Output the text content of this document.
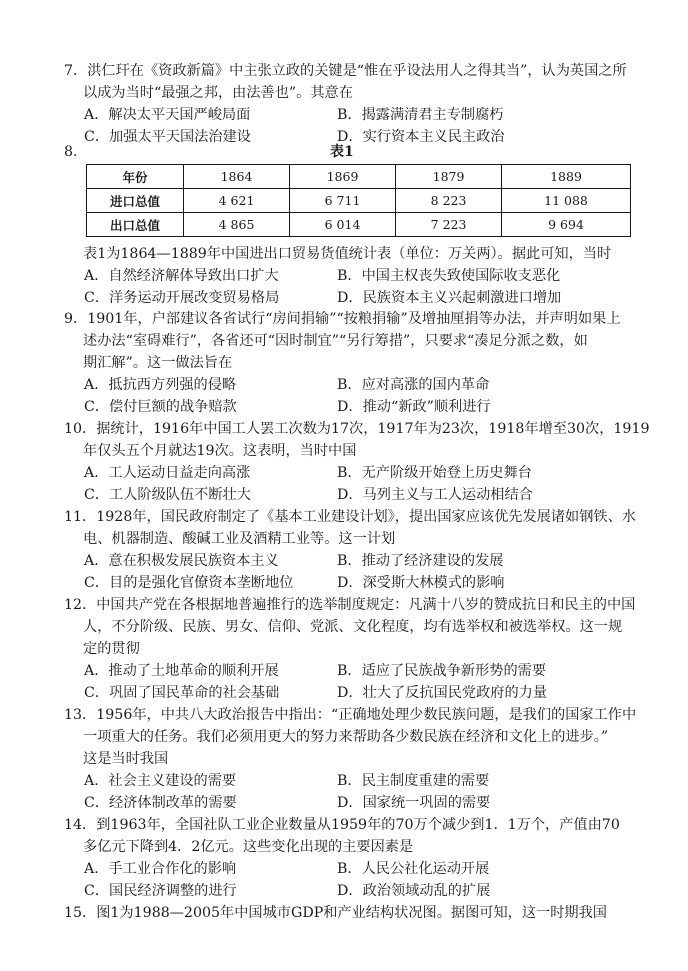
7．洪仁玕在《资政新篇》中主张立政的关键是“惟在乎设法用人之得其当”，认为英国之所
以成为当时“最强之邦，由法善也”。其意在
A．解决太平天国严峻局面	B．揭露满清君主专制腐朽
C．加强太平天国法治建设	D．实行资本主义民主政治
8．	表1
年份	1864	1869	1879	1889
进口总值	4 621	6 711	8 223	11 088
出口总值	4 865	6 014	7 223	9 694
表1为1864—1889年中国进出口贸易货值统计表（单位：万关两）。据此可知，当时
A．自然经济解体导致出口扩大	B．中国主权丧失致使国际收支恶化
C．洋务运动开展改变贸易格局	D．民族资本主义兴起刺激进口增加
9．1901年，户部建议各省试行“房间捐输”“按粮捐输”及增抽厘捐等办法，并声明如果上
述办法“室碍难行”，各省还可“因时制宜”“另行筹措”，只要求“凑足分派之数，如
期汇解”。这一做法旨在
A．抵抗西方列强的侵略	B．应对高涨的国内革命
C．偿付巨额的战争赔款	D．推动“新政”顺利进行
10．据统计，1916年中国工人罢工次数为17次，1917年为23次，1918年增至30次，1919
年仅头五个月就达19次。这表明，当时中国
A．工人运动日益走向高涨	B．无产阶级开始登上历史舞台
C．工人阶级队伍不断壮大	D．马列主义与工人运动相结合
11．1928年，国民政府制定了《基本工业建设计划》，提出国家应该优先发展诸如钢铁、水
电、机器制造、酸碱工业及酒精工业等。这一计划
A．意在积极发展民族资本主义	B．推动了经济建设的发展
C．目的是强化官僚资本垄断地位	D．深受斯大林模式的影响
12．中国共产党在各根据地普遍推行的选举制度规定：凡满十八岁的赞成抗日和民主的中国
人，不分阶级、民族、男女、信仰、党派、文化程度，均有选举权和被选举权。这一规
定的贯彻
A．推动了土地革命的顺利开展	B．适应了民族战争新形势的需要
C．巩固了国民革命的社会基础	D．壮大了反抗国民党政府的力量
13．1956年，中共八大政治报告中指出：“正确地处理少数民族问题，是我们的国家工作中
一项重大的任务。我们必须用更大的努力来帮助各少数民族在经济和文化上的进步。”
这是当时我国
A．社会主义建设的需要	B．民主制度重建的需要
C．经济体制改革的需要	D．国家统一巩固的需要
14．到1963年，全国社队工业企业数量从1959年的70万个减少到1．1万个，产值由70
多亿元下降到4．2亿元。这些变化出现的主要因素是
A．手工业合作化的影响	B．人民公社化运动开展
C．国民经济调整的进行	D．政治领域动乱的扩展
15．图1为1988—2005年中国城市GDP和产业结构状况图。据图可知，这一时期我国
